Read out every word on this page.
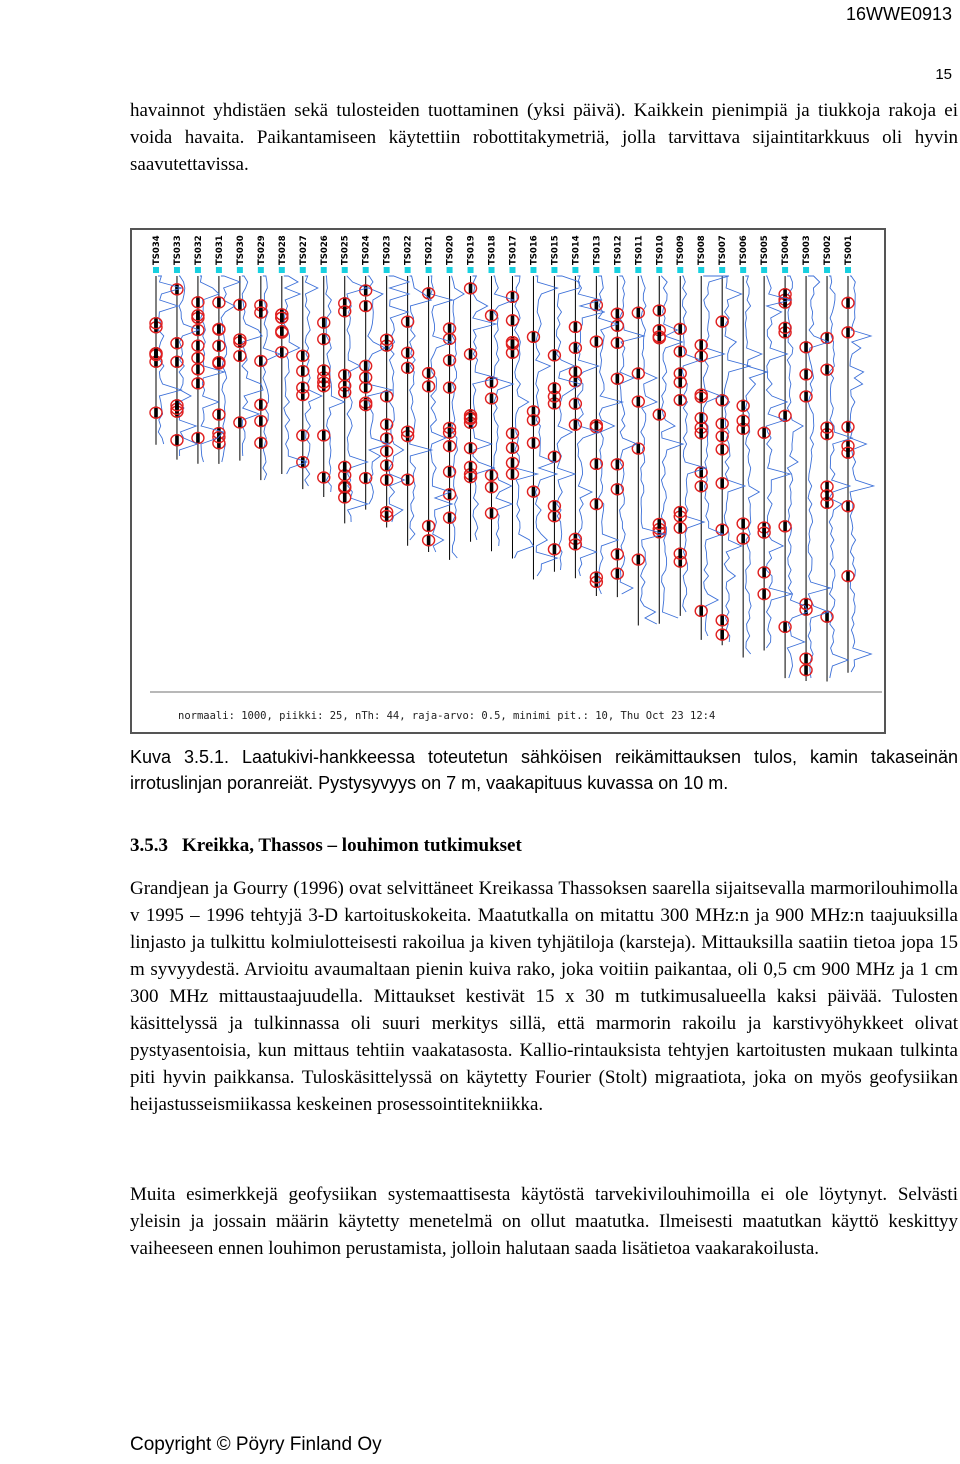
16WWE0913
15

havainnot yhdistäen sekä tulosteiden tuottaminen (yksi päivä). Kaikkein pienimpiä ja tiukkoja rakoja ei voida havaita. Paikantamiseen käytettiin robottitakymetriä, jolla tarvittava sijaintitarkkuus oli hyvin saavutettavissa.

TS001
TS002
TS003
TS004
TS005
TS006
TS007
TS008
TS009
TS010
TS011
TS012
TS013
TS014
TS015
TS016
TS017
TS018
TS019
TS020
TS021
TS022
TS023
TS024
TS025
TS026
TS027
TS028
TS029
TS030
TS031
TS032
TS033
TS034
normaali: 1000, piikki: 25, nTh: 44, raja-arvo: 0.5, minimi pit.: 10, Thu Oct 23 12:4

Kuva 3.5.1. Laatukivi-hankkeessa toteutetun sähköisen reikämittauksen tulos, kamin takaseinän irrotuslinjan poranreiät. Pystysyvyys on 7 m, vaakapituus kuvassa on 10 m.

3.5.3 Kreikka, Thassos – louhimon tutkimukset

Grandjean ja Gourry (1996) ovat selvittäneet Kreikassa Thassoksen saarella sijaitsevalla marmorilouhimolla v 1995 – 1996 tehtyjä 3-D kartoituskokeita. Maatutkalla on mitattu 300 MHz:n ja 900 MHz:n taajuuksilla linjasto ja tulkittu kolmiulotteisesti rakoilua ja kiven tyhjätiloja (karsteja). Mittauksilla saatiin tietoa jopa 15 m syvyydestä. Arvioitu avaumaltaan pienin kuiva rako, joka voitiin paikantaa, oli 0,5 cm 900 MHz ja 1 cm 300 MHz mittaustaajuudella. Mittaukset kestivät 15 x 30 m tutkimusalueella kaksi päivää. Tulosten käsittelyssä ja tulkinnassa oli suuri merkitys sillä, että marmorin rakoilu ja karstivyöhykkeet olivat pystyasentoisia, kun mittaus tehtiin vaakatasosta. Kallio-rintauksista tehtyjen kartoitusten mukaan tulkinta piti hyvin paikkansa. Tuloskäsittelyssä on käytetty Fourier (Stolt) migraatiota, joka on myös geofysiikan heijastusseismiikassa keskeinen prosessointitekniikka.

Muita esimerkkejä geofysiikan systemaattisesta käytöstä tarvekivilouhimoilla ei ole löytynyt. Selvästi yleisin ja jossain määrin käytetty menetelmä on ollut maatutka. Ilmeisesti maatutkan käyttö keskittyy vaiheeseen ennen louhimon perustamista, jolloin halutaan saada lisätietoa vaakarakoilusta.

Copyright © Pöyry Finland Oy
